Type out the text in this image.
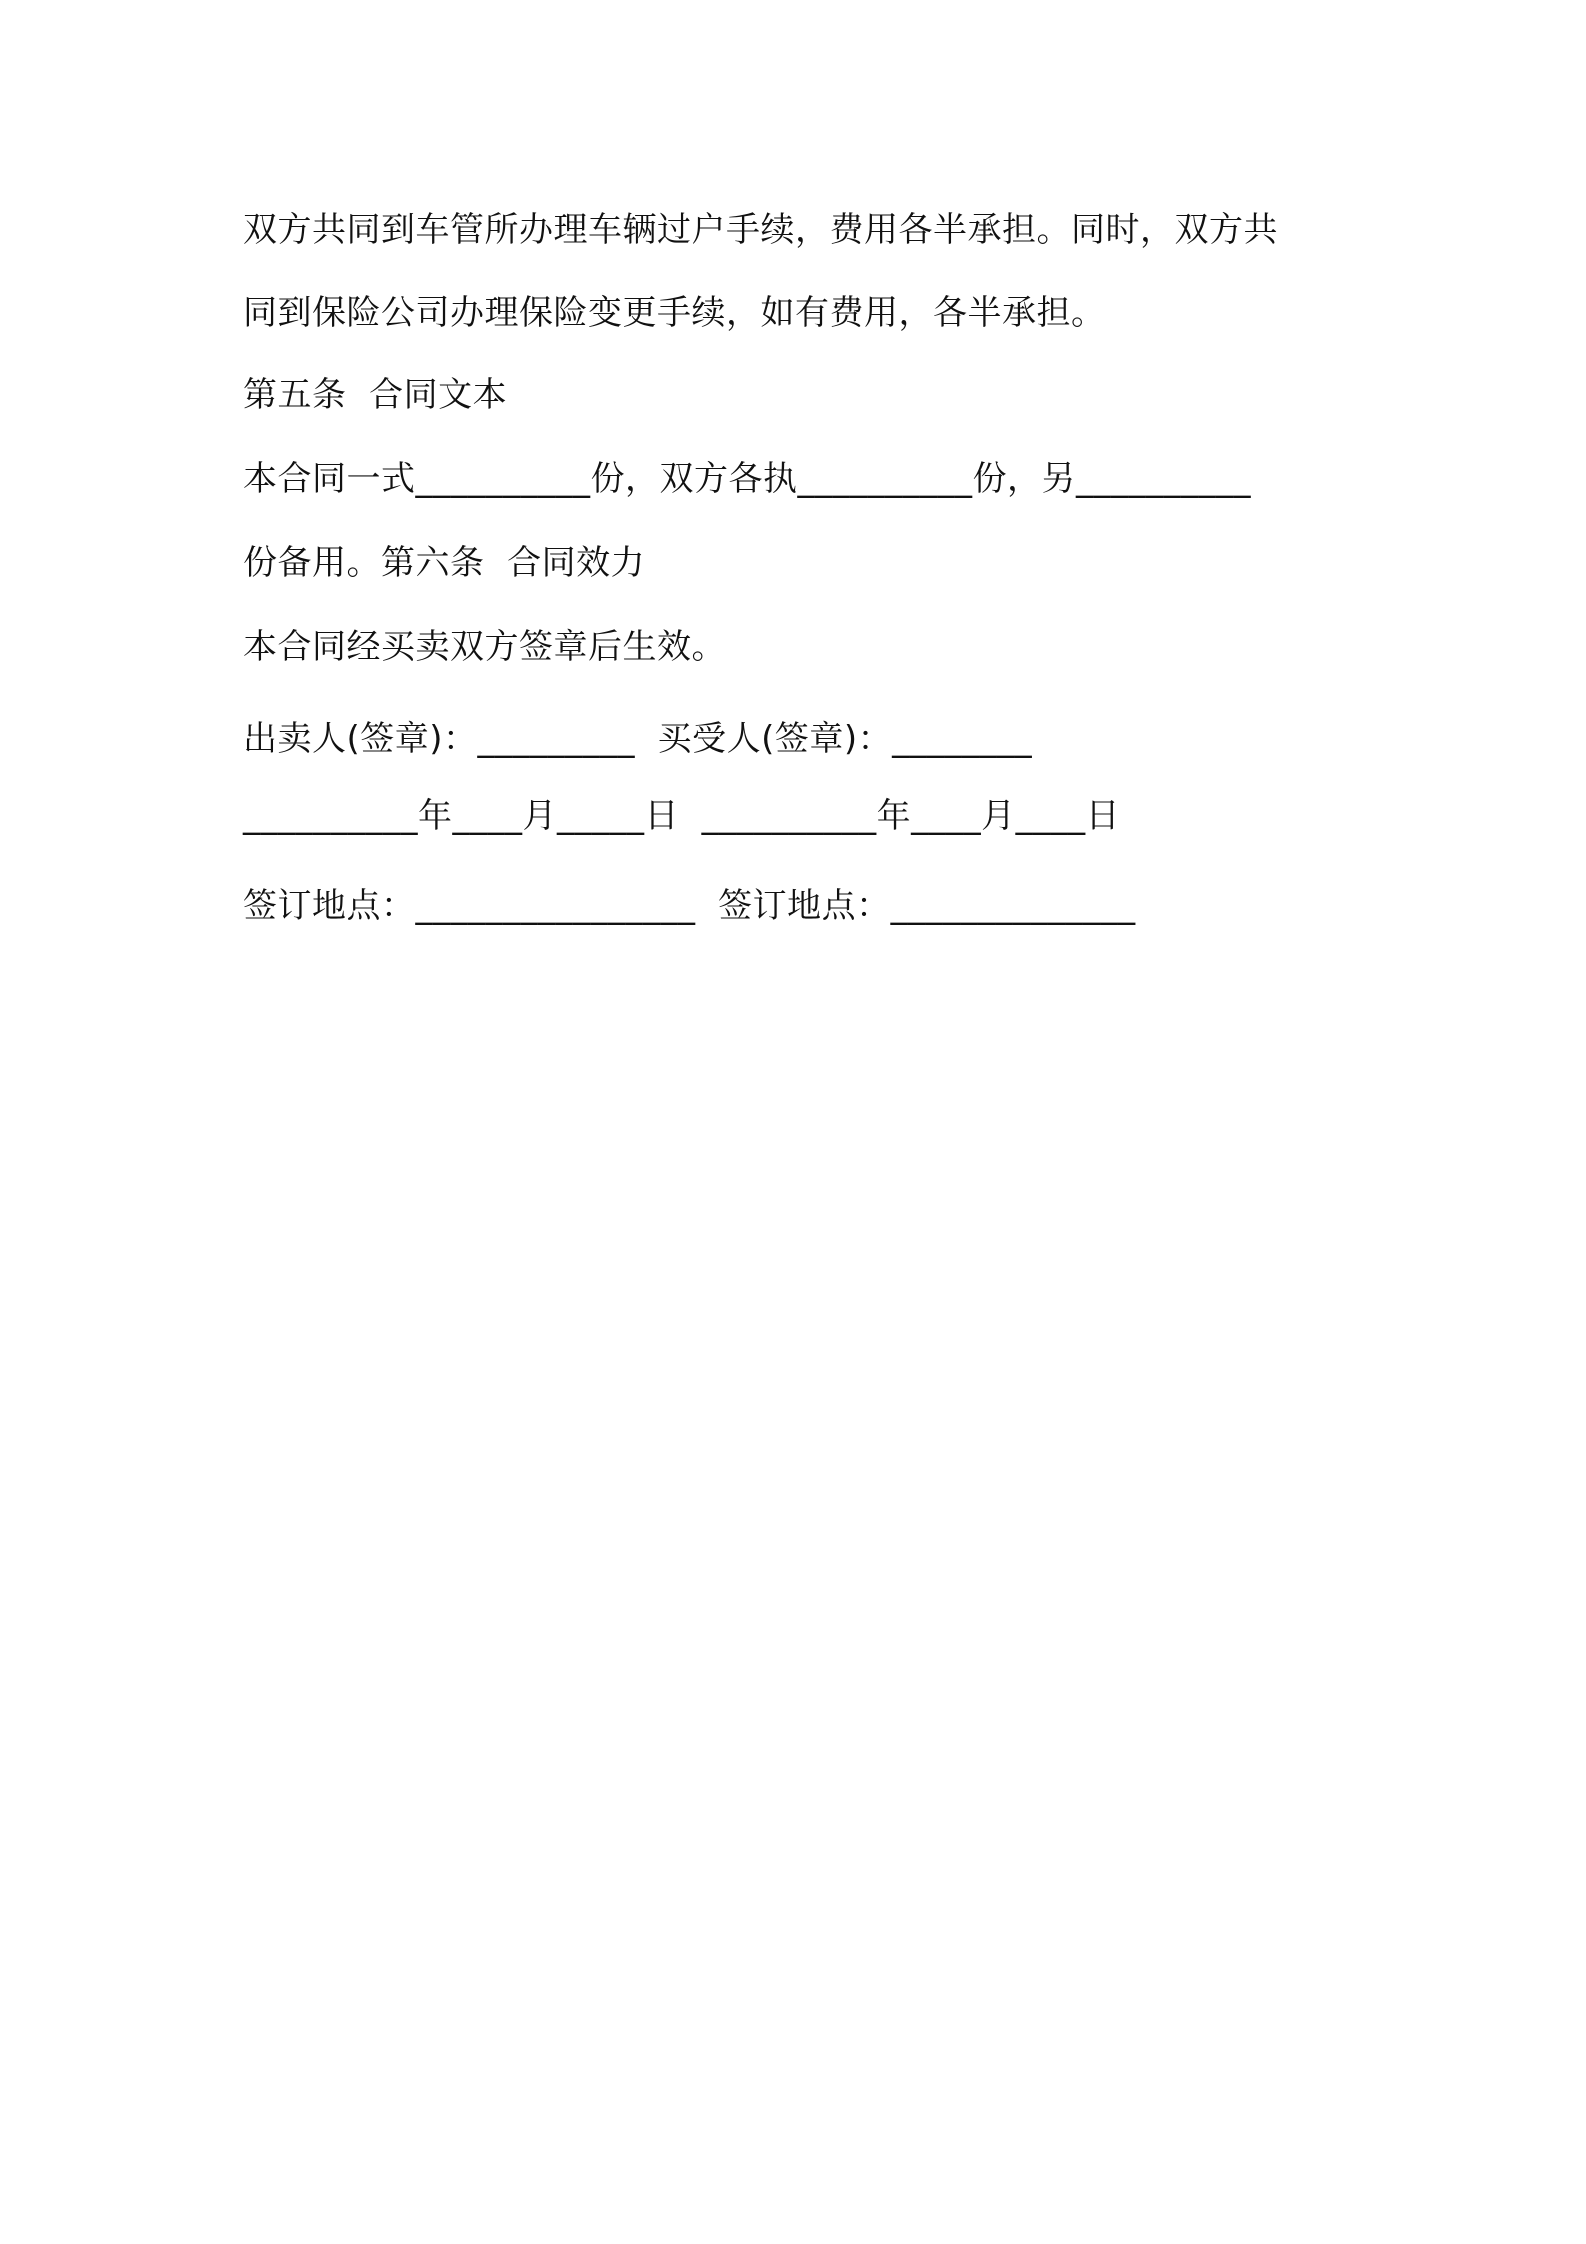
双方共同到车管所办理车辆过户手续，费用各半承担。同时，双方共
同到保险公司办理保险变更手续，如有费用，各半承担。
第五条  合同文本
本合同一式__________份，双方各执__________份，另__________
份备用。第六条  合同效力
本合同经买卖双方签章后生效。
出卖人(签章)：_________  买受人(签章)：________
__________年____月_____日  __________年____月____日
签订地点：________________  签订地点：______________
